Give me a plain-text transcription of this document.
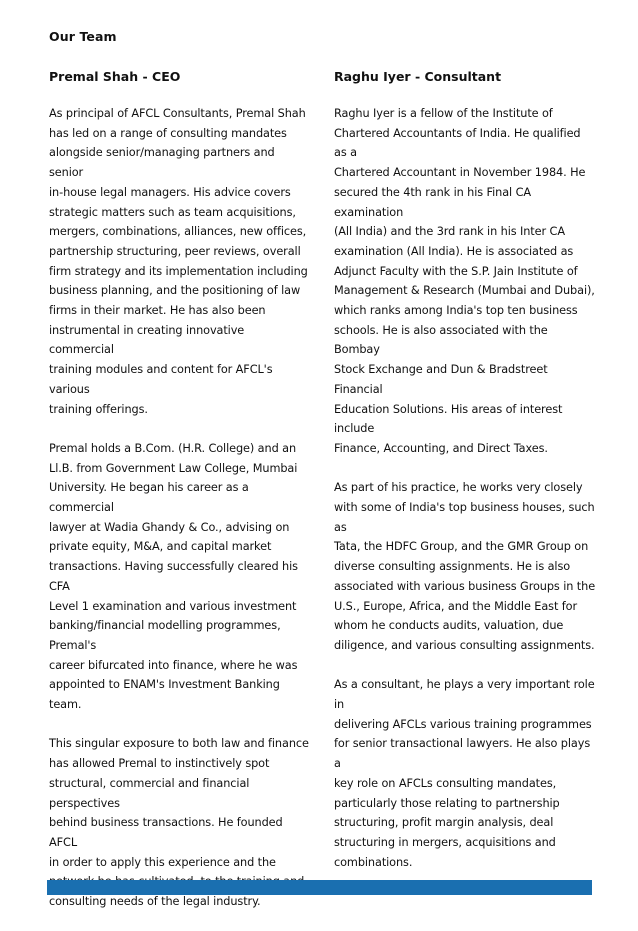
Our Team
Premal Shah - CEO

As principal of AFCL Consultants, Premal Shah
has led on a range of consulting mandates
alongside senior/managing partners and senior
in-house legal managers. His advice covers
strategic matters such as team acquisitions,
mergers, combinations, alliances, new offices,
partnership structuring, peer reviews, overall
firm strategy and its implementation including
business planning, and the positioning of law
firms in their market. He has also been
instrumental in creating innovative commercial
training modules and content for AFCL's various
training offerings.

Premal holds a B.Com. (H.R. College) and an
Ll.B. from Government Law College, Mumbai
University. He began his career as a commercial
lawyer at Wadia Ghandy & Co., advising on
private equity, M&A, and capital market
transactions. Having successfully cleared his CFA
Level 1 examination and various investment
banking/financial modelling programmes, Premal's
career bifurcated into finance, where he was
appointed to ENAM's Investment Banking team.

This singular exposure to both law and finance
has allowed Premal to instinctively spot
structural, commercial and financial perspectives
behind business transactions. He founded AFCL
in order to apply this experience and the

consulting needs of the legal industry.

Raghu Iyer - Consultant

Raghu Iyer is a fellow of the Institute of
Chartered Accountants of India. He qualified as a
Chartered Accountant in November 1984. He
secured the 4th rank in his Final CA examination
(All India) and the 3rd rank in his Inter CA
examination (All India). He is associated as
Adjunct Faculty with the S.P. Jain Institute of
Management & Research (Mumbai and Dubai),
which ranks among India's top ten business
schools. He is also associated with the Bombay
Stock Exchange and Dun & Bradstreet Financial
Education Solutions. His areas of interest include
Finance, Accounting, and Direct Taxes.

As part of his practice, he works very closely
with some of India's top business houses, such as
Tata, the HDFC Group, and the GMR Group on
diverse consulting assignments. He is also
associated with various business Groups in the
U.S., Europe, Africa, and the Middle East for
whom he conducts audits, valuation, due
diligence, and various consulting assignments.

As a consultant, he plays a very important role in
delivering AFCLs various training programmes
for senior transactional lawyers. He also plays a
key role on AFCLs consulting mandates,
particularly those relating to partnership
structuring, profit margin analysis, deal
structuring in mergers, acquisitions and
combinations.
